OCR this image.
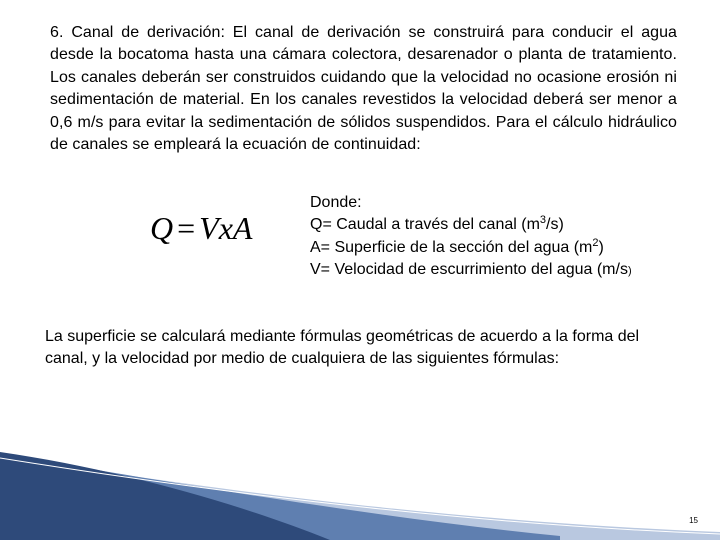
6. Canal de derivación: El canal de derivación se construirá para conducir el agua desde la bocatoma hasta una cámara colectora, desarenador o planta de tratamiento. Los canales deberán ser construidos cuidando que la velocidad no ocasione erosión ni sedimentación de material. En los canales revestidos la velocidad deberá ser menor a 0,6 m/s para evitar la sedimentación de sólidos suspendidos. Para el cálculo hidráulico de canales se empleará la ecuación de continuidad:
Q = VxA
Donde:
Q= Caudal a través del canal $(m^3/s)$
A= Superficie de la sección del agua $(m^2)$
V= Velocidad de escurrimiento del agua (m/s)
La superficie se calculará mediante fórmulas geométricas de acuerdo a la forma del canal, y la velocidad por medio de cualquiera de las siguientes fórmulas:
15
